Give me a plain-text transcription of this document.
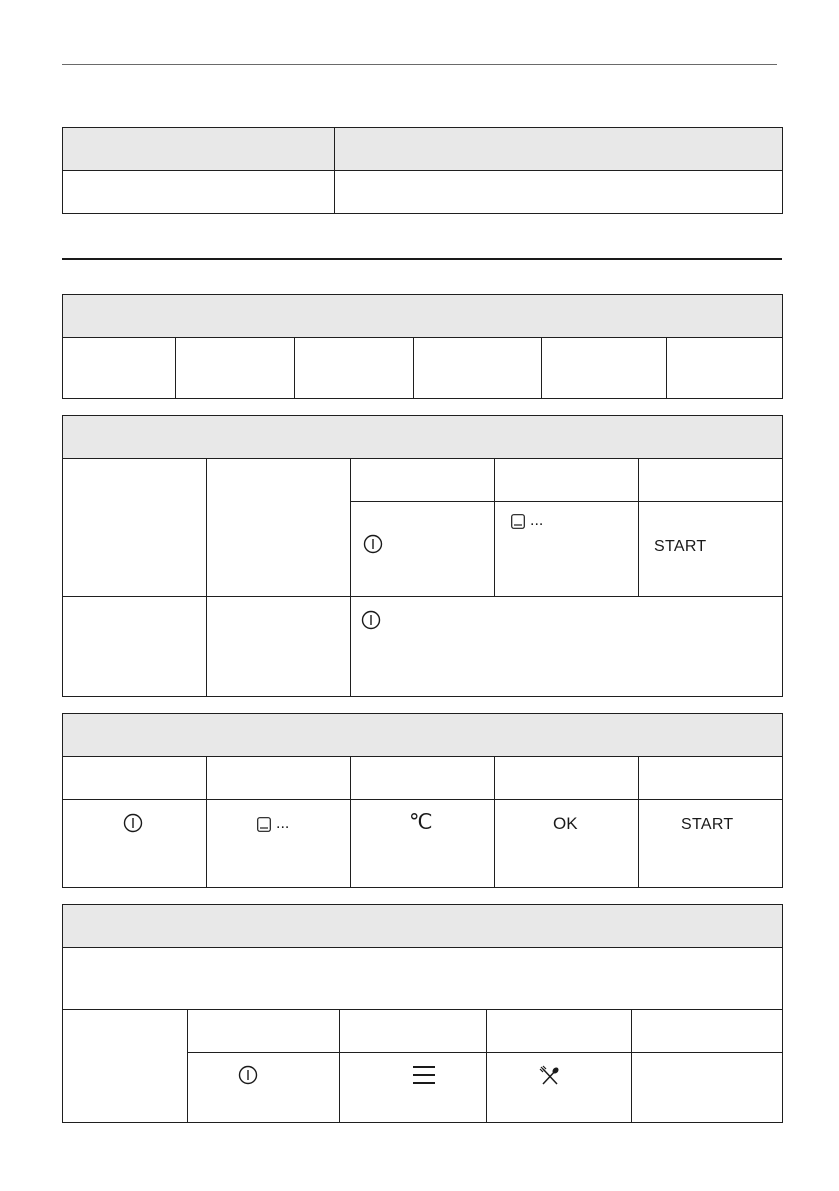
...	START

...	℃	OK	START
